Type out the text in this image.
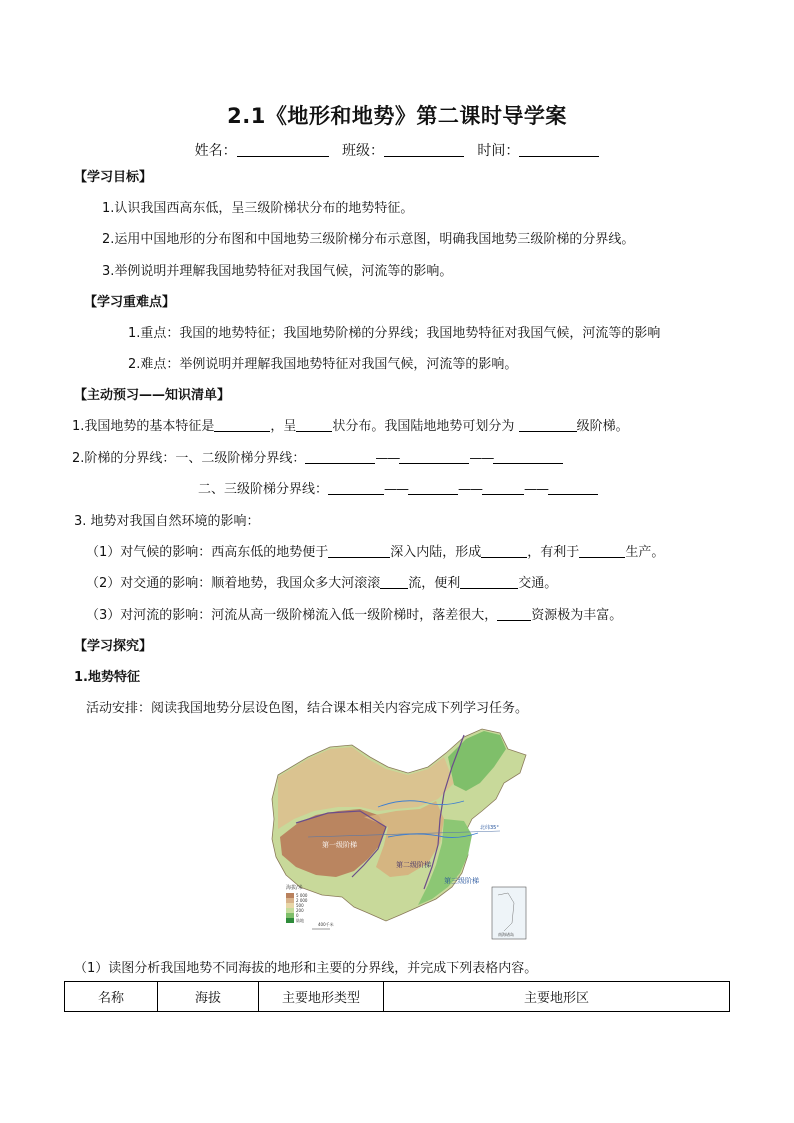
2.1《地形和地势》第二课时导学案
姓名：	班级：	时间：
【学习目标】
1.认识我国西高东低，呈三级阶梯状分布的地势特征。
2.运用中国地形的分布图和中国地势三级阶梯分布示意图，明确我国地势三级阶梯的分界线。
3.举例说明并理解我国地势特征对我国气候，河流等的影响。
【学习重难点】
1.重点：我国的地势特征；我国地势阶梯的分界线；我国地势特征对我国气候，河流等的影响
2.难点：举例说明并理解我国地势特征对我国气候，河流等的影响。
【主动预习——知识清单】
1.我国地势的基本特征是	，呈	状分布。我国陆地地势可划分为	级阶梯。
2.阶梯的分界线：一、二级阶梯分界线：	——	——
二、三级阶梯分界线：	——	——	——
3. 地势对我国自然环境的影响：
（1）对气候的影响：西高东低的地势便于	深入内陆，形成	，有利于	生产。
（2）对交通的影响：顺着地势，我国众多大河滚滚 流，便利	交通。
（3）对河流的影响：河流从高一级阶梯流入低一级阶梯时，落差很大，	资源极为丰富。
【学习探究】
1.地势特征
活动安排：阅读我国地势分层设色图，结合课本相关内容完成下列学习任务。
第一级阶梯
第二级阶梯
第三级阶梯
北纬35°
海拔/米
5 000
2 000
500
200
0
陆地
400千米
南海诸岛
（1）读图分析我国地势不同海拔的地形和主要的分界线，并完成下列表格内容。
名称	海拔	主要地形类型	主要地形区
